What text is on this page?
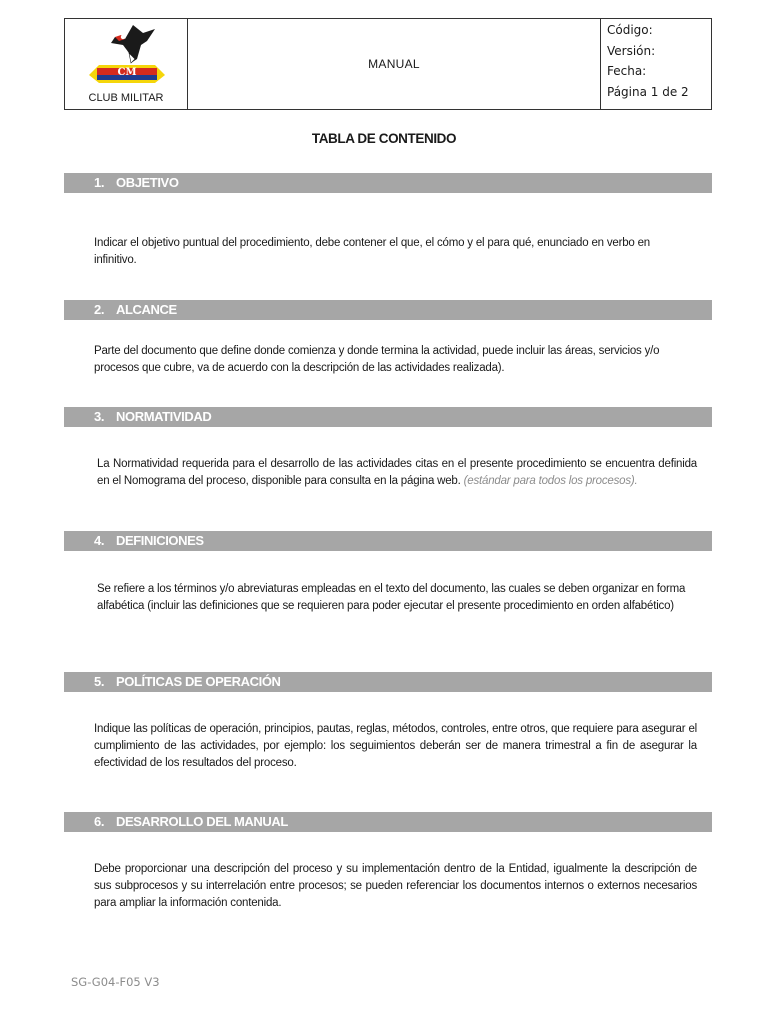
CM
CLUB MILITAR
	MANUAL	
Código:
Versión:
Fecha:
Página 1 de 2
TABLA DE CONTENIDO
1. OBJETIVO
Indicar el objetivo puntual del procedimiento, debe contener el que, el cómo y el para qué, enunciado en verbo en infinitivo.
2. ALCANCE
Parte del documento que define donde comienza y donde termina la actividad, puede incluir las áreas, servicios y/o procesos que cubre, va de acuerdo con la descripción de las actividades realizada).
3. NORMATIVIDAD
La Normatividad requerida para el desarrollo de las actividades citas en el presente procedimiento se encuentra definida en el Nomograma del proceso, disponible para consulta en la página web. (estándar para todos los procesos).
4. DEFINICIONES
Se refiere a los términos y/o abreviaturas empleadas en el texto del documento, las cuales se deben organizar en forma alfabética (incluir las definiciones que se requieren para poder ejecutar el presente procedimiento en orden alfabético)
5. POLÍTICAS DE OPERACIÓN
Indique las políticas de operación, principios, pautas, reglas, métodos, controles, entre otros, que requiere para asegurar el cumplimiento de las actividades, por ejemplo: los seguimientos deberán ser de manera trimestral a fin de asegurar la efectividad de los resultados del proceso.
6. DESARROLLO DEL MANUAL
Debe proporcionar una descripción del proceso y su implementación dentro de la Entidad, igualmente la descripción de sus subprocesos y su interrelación entre procesos; se pueden referenciar los documentos internos o externos necesarios para ampliar la información contenida.
SG-G04-F05 V3
